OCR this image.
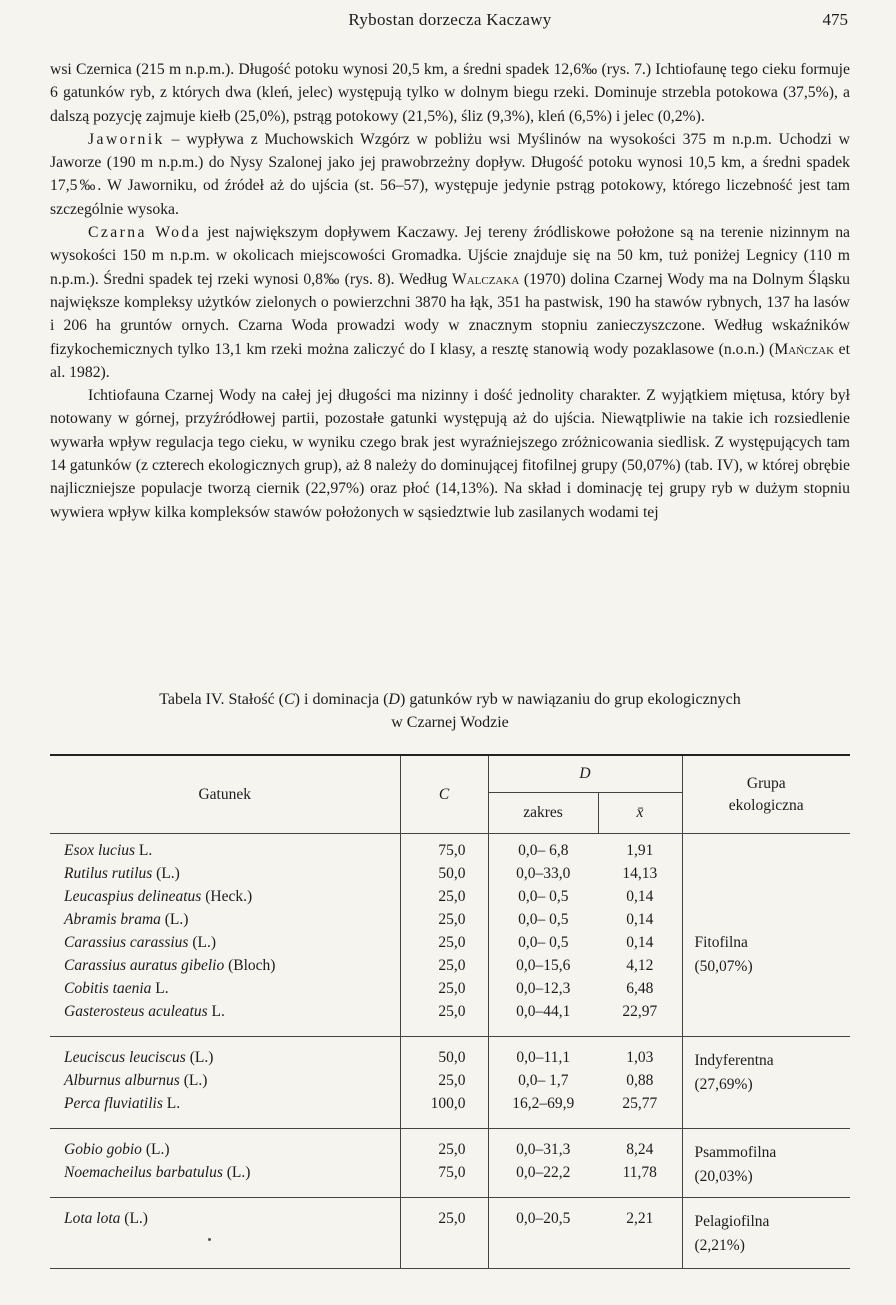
Rybostan dorzecza Kaczawy	475

wsi Czernica (215 m n.p.m.). Długość potoku wynosi 20,5 km, a średni spadek 12,6‰ (rys. 7.) Ichtiofaunę tego cieku formuje 6 gatunków ryb, z których dwa (kleń, jelec) występują tylko w dolnym biegu rzeki. Dominuje strzebla potokowa (37,5%), a dalszą pozycję zajmuje kiełb (25,0%), pstrąg potokowy (21,5%), śliz (9,3%), kleń (6,5%) i jelec (0,2%).

Jawornik – wypływa z Muchowskich Wzgórz w pobliżu wsi Myślinów na wysokości 375 m n.p.m. Uchodzi w Jaworze (190 m n.p.m.) do Nysy Szalonej jako jej prawobrzeżny dopływ. Długość potoku wynosi 10,5 km, a średni spadek 17,5‰. W Jaworniku, od źródeł aż do ujścia (st. 56–57), występuje jedynie pstrąg potokowy, którego liczebność jest tam szczególnie wysoka.

Czarna Woda jest największym dopływem Kaczawy. Jej tereny źródliskowe położone są na terenie nizinnym na wysokości 150 m n.p.m. w okolicach miejscowości Gromadka. Ujście znajduje się na 50 km, tuż poniżej Legnicy (110 m n.p.m.). Średni spadek tej rzeki wynosi 0,8‰ (rys. 8). Według Walczaka (1970) dolina Czarnej Wody ma na Dolnym Śląsku największe kompleksy użytków zielonych o powierzchni 3870 ha łąk, 351 ha pastwisk, 190 ha stawów rybnych, 137 ha lasów i 206 ha gruntów ornych. Czarna Woda prowadzi wody w znacznym stopniu zanieczyszczone. Według wskaźników fizykochemicznych tylko 13,1 km rzeki można zaliczyć do I klasy, a resztę stanowią wody pozaklasowe (n.o.n.) (Mańczak et al. 1982).

Ichtiofauna Czarnej Wody na całej jej długości ma nizinny i dość jednolity charakter. Z wyjątkiem miętusa, który był notowany w górnej, przyźródłowej partii, pozostałe gatunki występują aż do ujścia. Niewątpliwie na takie ich rozsiedlenie wywarła wpływ regulacja tego cieku, w wyniku czego brak jest wyraźniejszego zróżnicowania siedlisk. Z występujących tam 14 gatunków (z czterech ekologicznych grup), aż 8 należy do dominującej fitofilnej grupy (50,07%) (tab. IV), w której obrębie najliczniejsze populacje tworzą ciernik (22,97%) oraz płoć (14,13%). Na skład i dominację tej grupy ryb w dużym stopniu wywiera wpływ kilka kompleksów stawów położonych w sąsiedztwie lub zasilanych wodami tej

Tabela IV. Stałość (C) i dominacja (D) gatunków ryb w nawiązaniu do grup ekologicznych
w Czarnej Wodzie
Gatunek	C	D		Grupa ekologiczna
		zakres	x̄	
Esox lucius L.	75,0	0,0– 6,8	1,91	Fitofilna
(50,07%)
Rutilus rutilus (L.)	50,0	0,0–33,0	14,13	
Leucaspius delineatus (Heck.)	25,0	0,0– 0,5	0,14	
Abramis brama (L.)	25,0	0,0– 0,5	0,14	
Carassius carassius (L.)	25,0	0,0– 0,5	0,14	
Carassius auratus gibelio (Bloch)	25,0	0,0–15,6	4,12	
Cobitis taenia L.	25,0	0,0–12,3	6,48	
Gasterosteus aculeatus L.	25,0	0,0–44,1	22,97	
Leuciscus leuciscus (L.)	50,0	0,0–11,1	1,03	Indyferentna
(27,69%)
Alburnus alburnus (L.)	25,0	0,0– 1,7	0,88	
Perca fluviatilis L.	100,0	16,2–69,9	25,77	
Gobio gobio (L.)	25,0	0,0–31,3	8,24	Psammofilna
(20,03%)
Noemacheilus barbatulus (L.)	75,0	0,0–22,2	11,78	
Lota lota (L.)	25,0	0,0–20,5	2,21	Pelagiofilna
(2,21%)
